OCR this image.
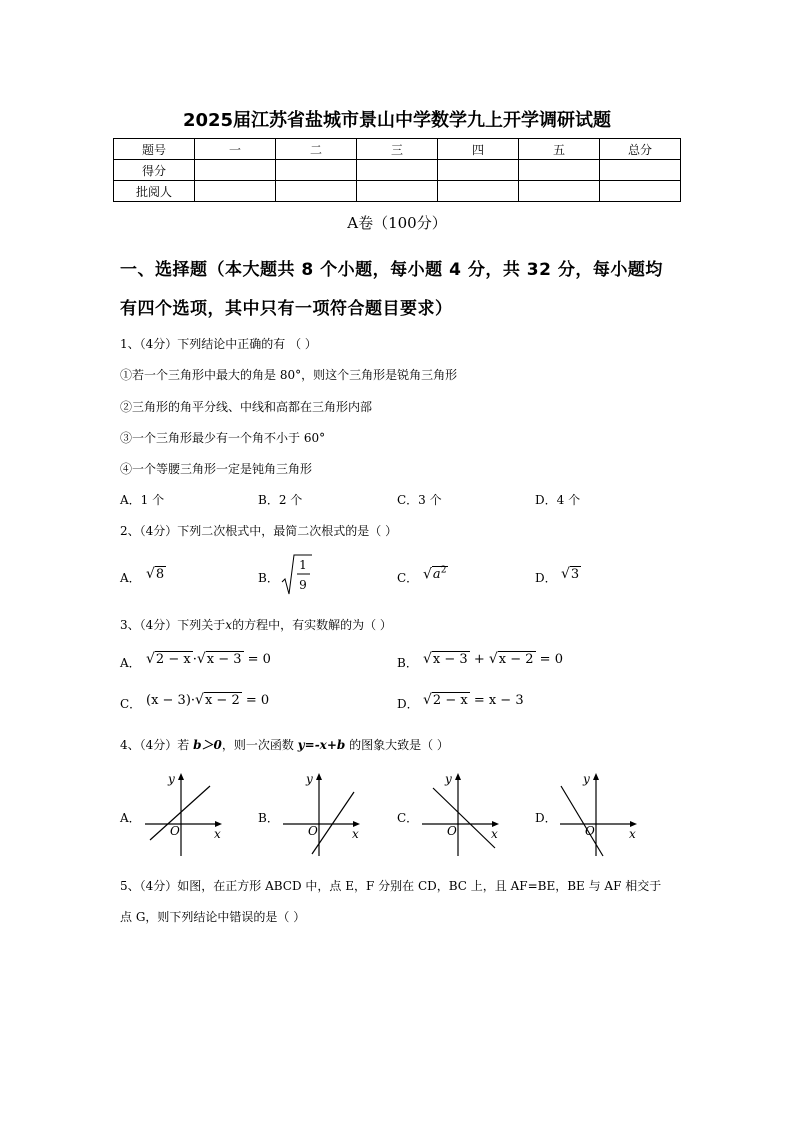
2025届江苏省盐城市景山中学数学九上开学调研试题
题号	一	二	三	四	五	总分
得分						
批阅人						
A卷（100分）
一、选择题（本大题共 8 个小题，每小题 4 分，共 32 分，每小题均
有四个选项，其中只有一项符合题目要求）
1、（4分）下列结论中正确的有 （ ）
①若一个三角形中最大的角是 80°，则这个三角形是锐角三角形
②三角形的角平分线、中线和高都在三角形内部
③一个三角形最少有一个角不小于 60°
④一个等腰三角形一定是钝角三角形
A．1 个	B．2 个	C．3 个	D．4 个
2、（4分）下列二次根式中，最简二次根式的是（ ）
A． √8	B．
1
9	C． $√a^2$	D． √3
3、（4分）下列关于x的方程中，有实数解的为（ ）
A． √2 − x ·√x − 3 = 0	B． √x − 3 + √x − 2 = 0
C． (x − 3)·√x − 2 = 0	D． √2 − x = x − 3
4、（4分）若 b＞0，则一次函数 y=-x+b 的图象大致是（ ）
A．
y
x
O
B．
y
x
O
C．
y
x
O
D．
y
x
O
5、（4分）如图，在正方形 ABCD 中，点 E，F 分别在 CD，BC 上，且 AF=BE，BE 与 AF 相交于
点 G，则下列结论中错误的是（ ）
